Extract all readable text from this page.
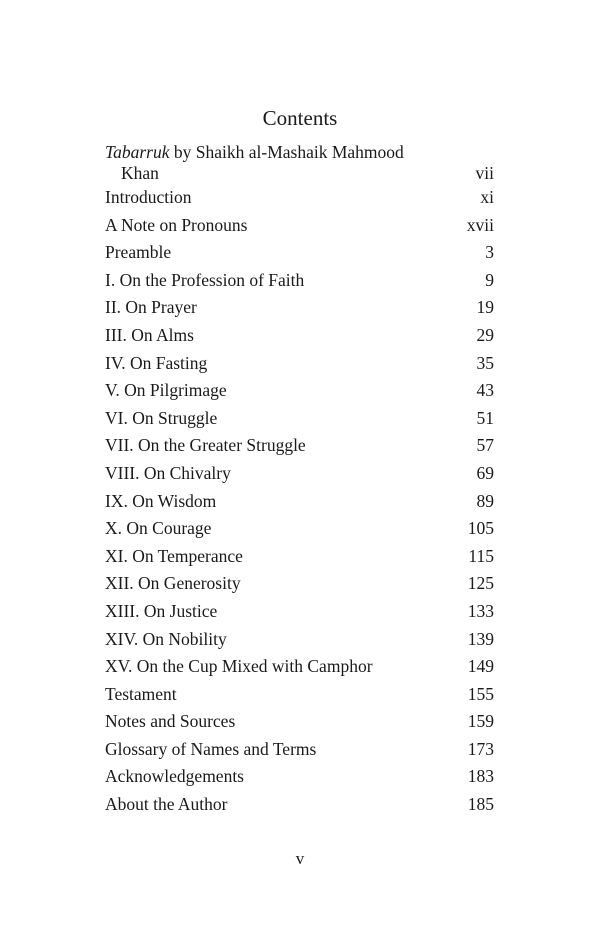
Contents
Tabarruk by Shaikh al-Mashaik Mahmood
Khan	vii
Introduction	xi
A Note on Pronouns	xvii
Preamble	3
I. On the Profession of Faith	9
II. On Prayer	19
III. On Alms	29
IV. On Fasting	35
V. On Pilgrimage	43
VI. On Struggle	51
VII. On the Greater Struggle	57
VIII. On Chivalry	69
IX. On Wisdom	89
X. On Courage	105
XI. On Temperance	115
XII. On Generosity	125
XIII. On Justice	133
XIV. On Nobility	139
XV. On the Cup Mixed with Camphor	149
Testament	155
Notes and Sources	159
Glossary of Names and Terms	173
Acknowledgements	183
About the Author	185
v
